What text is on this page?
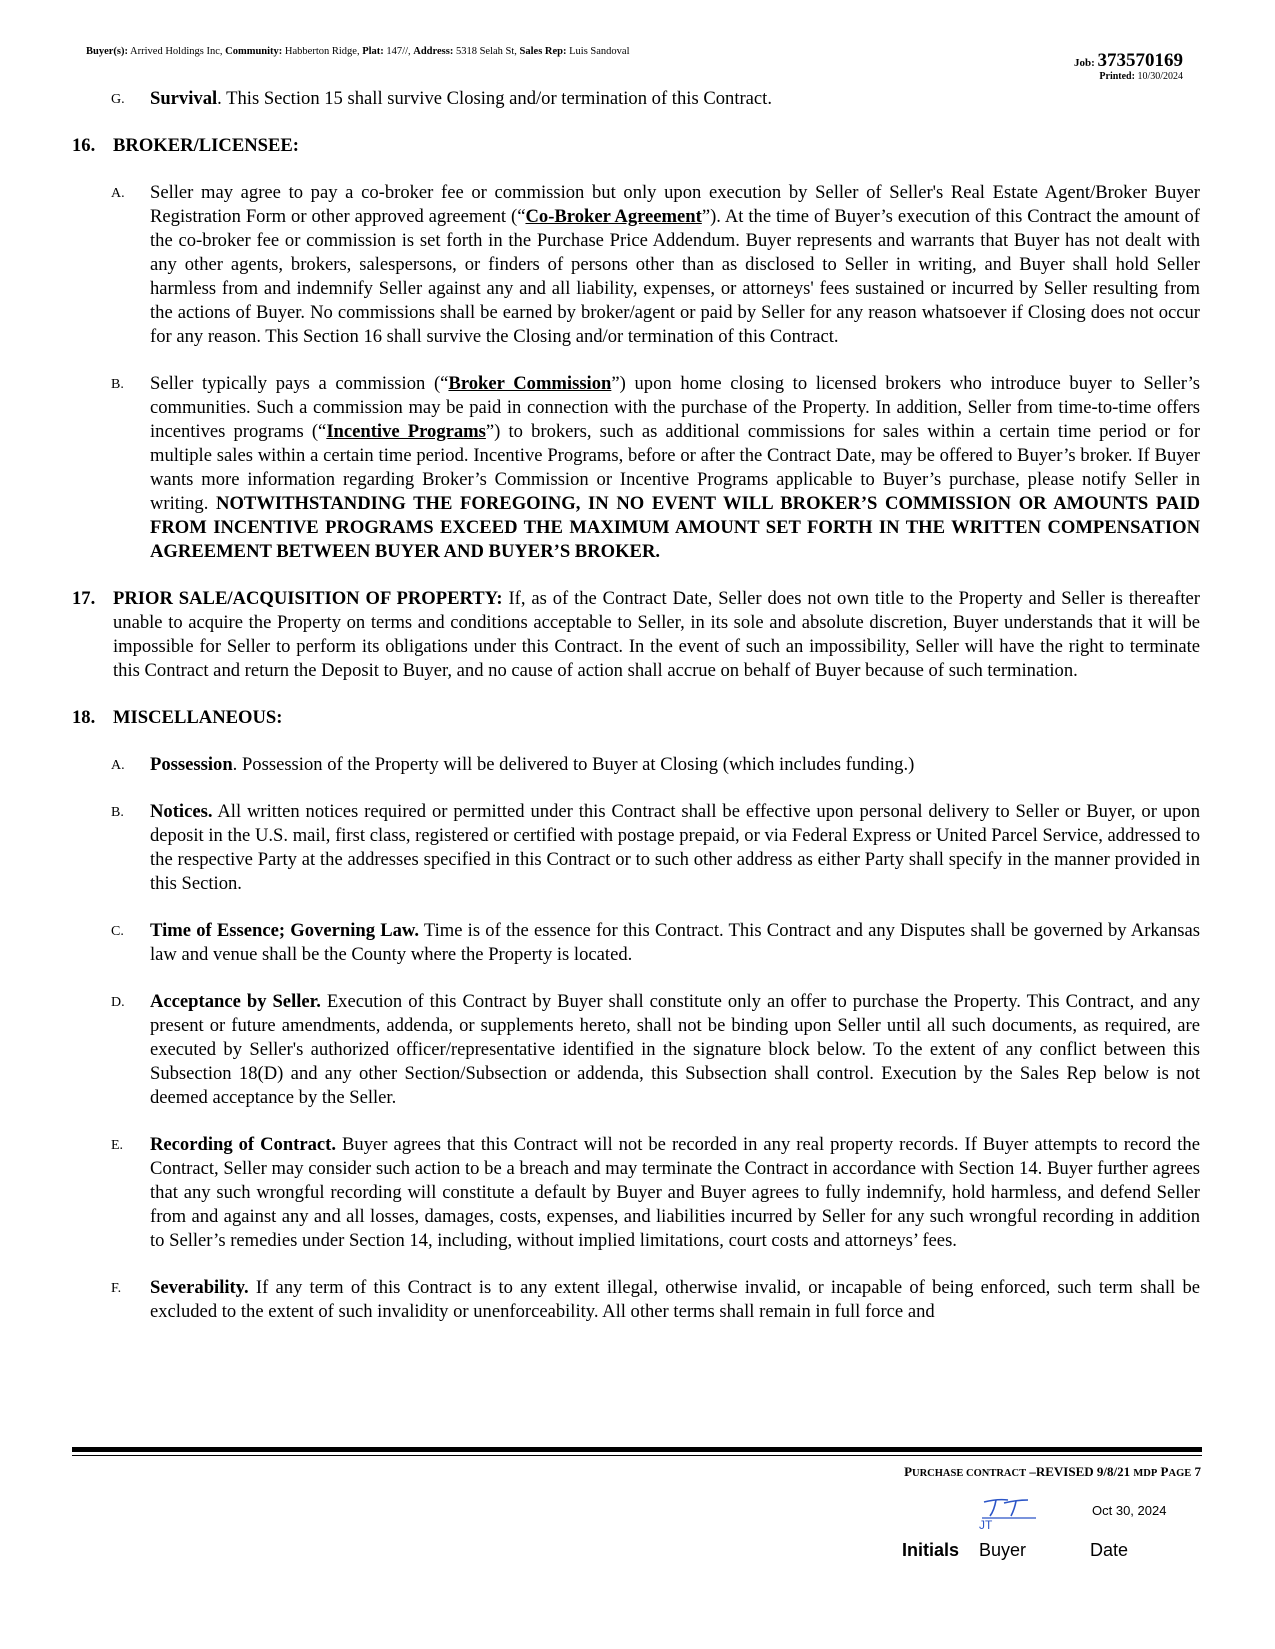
Buyer(s): Arrived Holdings Inc, Community: Habberton Ridge, Plat: 147//, Address: 5318 Selah St, Sales Rep: Luis Sandoval
Job: 373570169
Printed: 10/30/2024
G. Survival. This Section 15 shall survive Closing and/or termination of this Contract.
16. BROKER/LICENSEE:
A. Seller may agree to pay a co-broker fee or commission but only upon execution by Seller of Seller's Real Estate Agent/Broker Buyer Registration Form or other approved agreement (“Co-Broker Agreement”). At the time of Buyer’s execution of this Contract the amount of the co-broker fee or commission is set forth in the Purchase Price Addendum. Buyer represents and warrants that Buyer has not dealt with any other agents, brokers, salespersons, or finders of persons other than as disclosed to Seller in writing, and Buyer shall hold Seller harmless from and indemnify Seller against any and all liability, expenses, or attorneys' fees sustained or incurred by Seller resulting from the actions of Buyer. No commissions shall be earned by broker/agent or paid by Seller for any reason whatsoever if Closing does not occur for any reason. This Section 16 shall survive the Closing and/or termination of this Contract.
B. Seller typically pays a commission (“Broker Commission”) upon home closing to licensed brokers who introduce buyer to Seller’s communities. Such a commission may be paid in connection with the purchase of the Property. In addition, Seller from time-to-time offers incentives programs (“Incentive Programs”) to brokers, such as additional commissions for sales within a certain time period or for multiple sales within a certain time period. Incentive Programs, before or after the Contract Date, may be offered to Buyer’s broker. If Buyer wants more information regarding Broker’s Commission or Incentive Programs applicable to Buyer’s purchase, please notify Seller in writing. NOTWITHSTANDING THE FOREGOING, IN NO EVENT WILL BROKER’S COMMISSION OR AMOUNTS PAID FROM INCENTIVE PROGRAMS EXCEED THE MAXIMUM AMOUNT SET FORTH IN THE WRITTEN COMPENSATION AGREEMENT BETWEEN BUYER AND BUYER’S BROKER.
17. PRIOR SALE/ACQUISITION OF PROPERTY: If, as of the Contract Date, Seller does not own title to the Property and Seller is thereafter unable to acquire the Property on terms and conditions acceptable to Seller, in its sole and absolute discretion, Buyer understands that it will be impossible for Seller to perform its obligations under this Contract. In the event of such an impossibility, Seller will have the right to terminate this Contract and return the Deposit to Buyer, and no cause of action shall accrue on behalf of Buyer because of such termination.
18. MISCELLANEOUS:
A. Possession. Possession of the Property will be delivered to Buyer at Closing (which includes funding.)
B. Notices. All written notices required or permitted under this Contract shall be effective upon personal delivery to Seller or Buyer, or upon deposit in the U.S. mail, first class, registered or certified with postage prepaid, or via Federal Express or United Parcel Service, addressed to the respective Party at the addresses specified in this Contract or to such other address as either Party shall specify in the manner provided in this Section.
C. Time of Essence; Governing Law. Time is of the essence for this Contract. This Contract and any Disputes shall be governed by Arkansas law and venue shall be the County where the Property is located.
D. Acceptance by Seller. Execution of this Contract by Buyer shall constitute only an offer to purchase the Property. This Contract, and any present or future amendments, addenda, or supplements hereto, shall not be binding upon Seller until all such documents, as required, are executed by Seller's authorized officer/representative identified in the signature block below. To the extent of any conflict between this Subsection 18(D) and any other Section/Subsection or addenda, this Subsection shall control. Execution by the Sales Rep below is not deemed acceptance by the Seller.
E. Recording of Contract. Buyer agrees that this Contract will not be recorded in any real property records. If Buyer attempts to record the Contract, Seller may consider such action to be a breach and may terminate the Contract in accordance with Section 14. Buyer further agrees that any such wrongful recording will constitute a default by Buyer and Buyer agrees to fully indemnify, hold harmless, and defend Seller from and against any and all losses, damages, costs, expenses, and liabilities incurred by Seller for any such wrongful recording in addition to Seller’s remedies under Section 14, including, without implied limitations, court costs and attorneys’ fees.
F. Severability. If any term of this Contract is to any extent illegal, otherwise invalid, or incapable of being enforced, such term shall be excluded to the extent of such invalidity or unenforceability. All other terms shall remain in full force and
PURCHASE CONTRACT –REVISED 9/8/21 MDP PAGE 7
JT
Oct 30, 2024
Initials Buyer	Date
